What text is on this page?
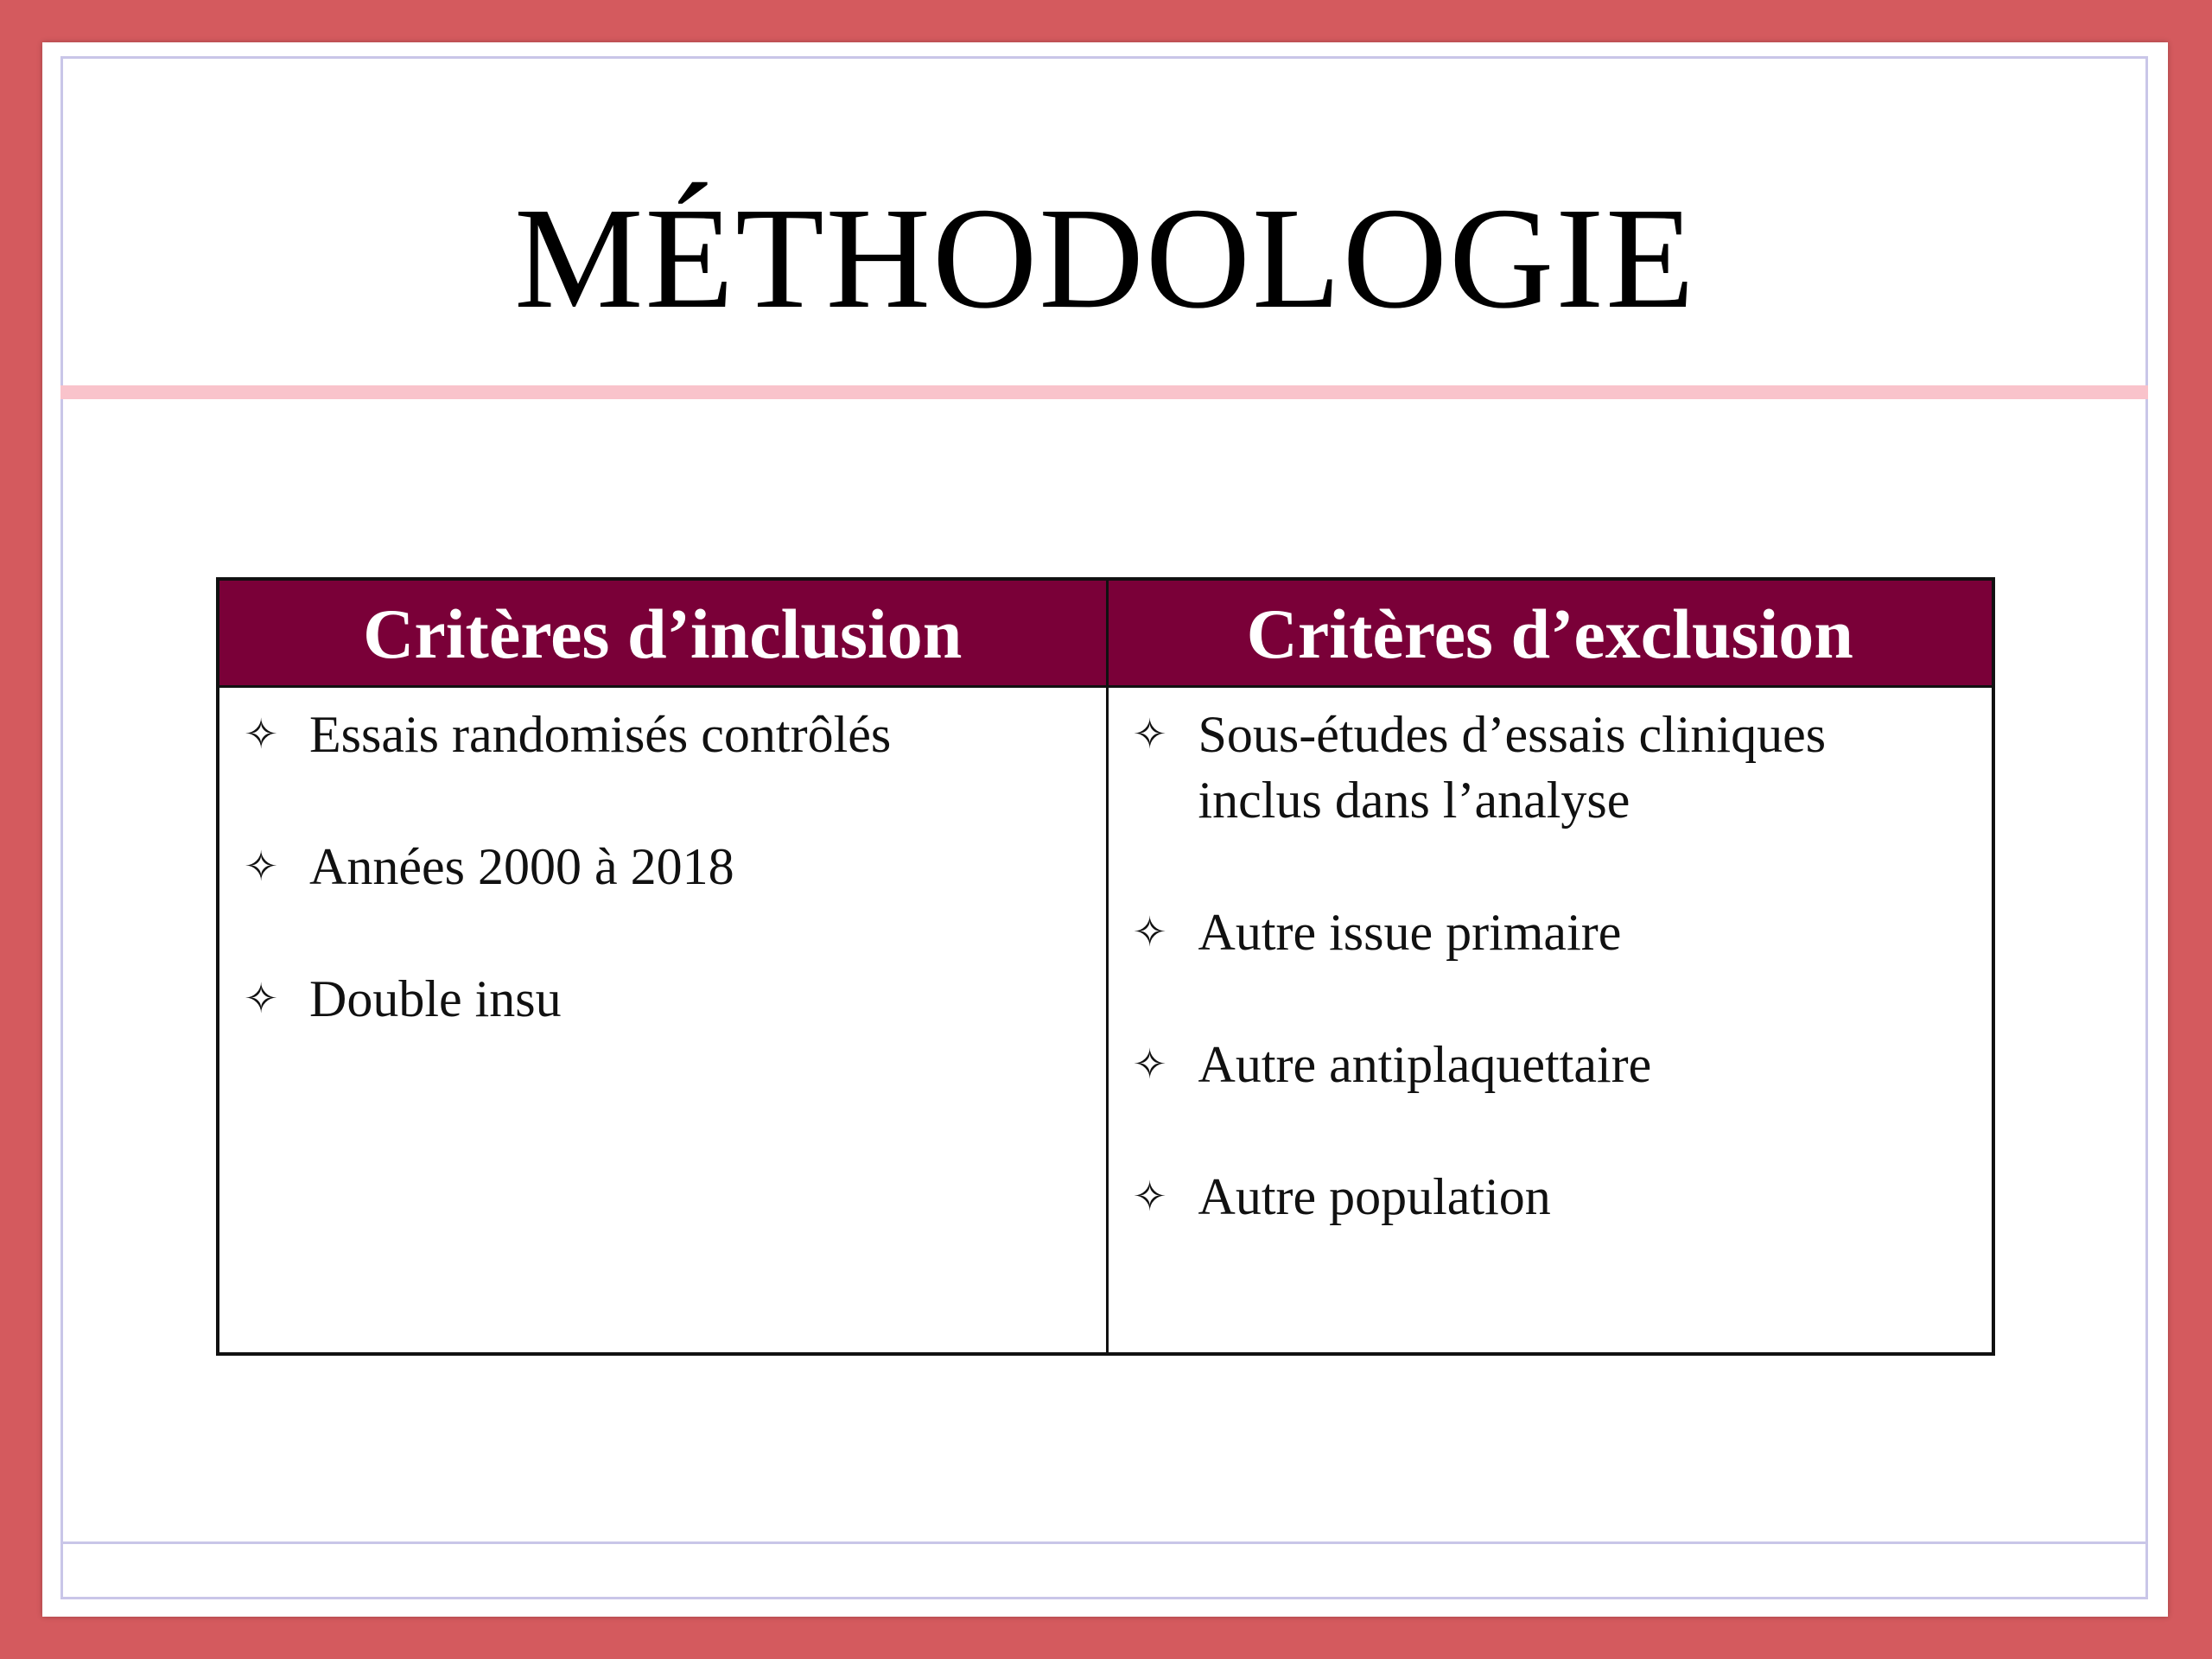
MÉTHODOLOGIE
Critères d’inclusion
✧ Essais randomisés contrôlés
✧ Années 2000 à 2018
✧ Double insu
Critères d’exclusion
✧ Sous-études d’essais cliniques inclus dans l’analyse
✧ Autre issue primaire
✧ Autre antiplaquettaire
✧ Autre population
